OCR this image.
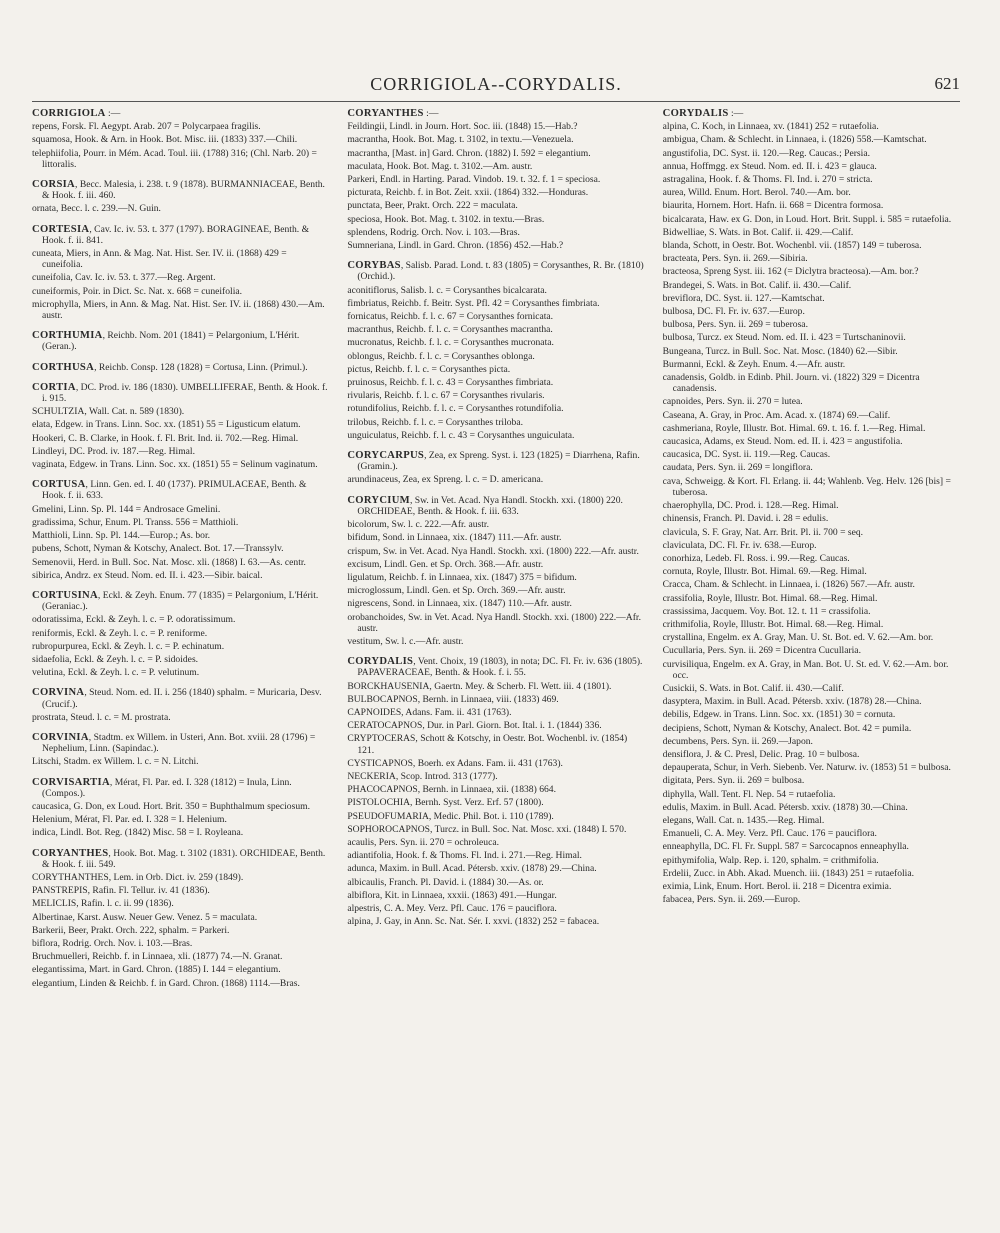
CORRIGIOLA--CORYDALIS.	621
CORRIGIOLA :—
repens, Forsk. Fl. Aegypt. Arab. 207 = Polycarpaea fragilis.
squamosa, Hook. & Arn. in Hook. Bot. Misc. iii. (1833) 337.—Chili.
telephiifolia, Pourr. in Mém. Acad. Toul. iii. (1788) 316; (Chl. Narb. 20) = littoralis.
CORSIA, Becc. Malesia, i. 238. t. 9 (1878). BURMANNIACEAE, Benth. & Hook. f. iii. 460.
ornata, Becc. l. c. 239.—N. Guin.
CORTESIA, Cav. Ic. iv. 53. t. 377 (1797). BORAGINEAE, Benth. & Hook. f. ii. 841.
cuneata, Miers, in Ann. & Mag. Nat. Hist. Ser. IV. ii. (1868) 429 = cuneifolia.
cuneifolia, Cav. Ic. iv. 53. t. 377.—Reg. Argent.
cuneiformis, Poir. in Dict. Sc. Nat. x. 668 = cuneifolia.
microphylla, Miers, in Ann. & Mag. Nat. Hist. Ser. IV. ii. (1868) 430.—Am. austr.
CORTHUMIA, Reichb. Nom. 201 (1841) = Pelargonium, L'Hérit. (Geran.).
CORTHUSA, Reichb. Consp. 128 (1828) = Cortusa, Linn. (Primul.).
CORTIA, DC. Prod. iv. 186 (1830). UMBELLIFERAE, Benth. & Hook. f. i. 915.
SCHULTZIA, Wall. Cat. n. 589 (1830).
elata, Edgew. in Trans. Linn. Soc. xx. (1851) 55 = Ligusticum elatum.
Hookeri, C. B. Clarke, in Hook. f. Fl. Brit. Ind. ii. 702.—Reg. Himal.
Lindleyi, DC. Prod. iv. 187.—Reg. Himal.
vaginata, Edgew. in Trans. Linn. Soc. xx. (1851) 55 = Selinum vaginatum.
CORTUSA, Linn. Gen. ed. I. 40 (1737). PRIMULACEAE, Benth. & Hook. f. ii. 633.
Gmelini, Linn. Sp. Pl. 144 = Androsace Gmelini.
gradissima, Schur, Enum. Pl. Transs. 556 = Matthioli.
Matthioli, Linn. Sp. Pl. 144.—Europ.; As. bor.
pubens, Schott, Nyman & Kotschy, Analect. Bot. 17.—Transsylv.
Semenovii, Herd. in Bull. Soc. Nat. Mosc. xli. (1868) I. 63.—As. centr.
sibirica, Andrz. ex Steud. Nom. ed. II. i. 423.—Sibir. baical.
CORTUSINA, Eckl. & Zeyh. Enum. 77 (1835) = Pelargonium, L'Hérit. (Geraniac.).
odoratissima, Eckl. & Zeyh. l. c. = P. odoratissimum.
reniformis, Eckl. & Zeyh. l. c. = P. reniforme.
rubropurpurea, Eckl. & Zeyh. l. c. = P. echinatum.
sidaefolia, Eckl. & Zeyh. l. c. = P. sidoides.
velutina, Eckl. & Zeyh. l. c. = P. velutinum.
CORVINA, Steud. Nom. ed. II. i. 256 (1840) sphalm. = Muricaria, Desv. (Crucif.).
prostrata, Steud. l. c. = M. prostrata.
CORVINIA, Stadtm. ex Willem. in Usteri, Ann. Bot. xviii. 28 (1796) = Nephelium, Linn. (Sapindac.).
Litschi, Stadm. ex Willem. l. c. = N. Litchi.
CORVISARTIA, Mérat, Fl. Par. ed. I. 328 (1812) = Inula, Linn. (Compos.).
caucasica, G. Don, ex Loud. Hort. Brit. 350 = Buphthalmum speciosum.
Helenium, Mérat, Fl. Par. ed. I. 328 = I. Helenium.
indica, Lindl. Bot. Reg. (1842) Misc. 58 = I. Royleana.
CORYANTHES, Hook. Bot. Mag. t. 3102 (1831). ORCHIDEAE, Benth. & Hook. f. iii. 549.
CORYTHANTHES, Lem. in Orb. Dict. iv. 259 (1849).
PANSTREPIS, Rafin. Fl. Tellur. iv. 41 (1836).
MELICLIS, Rafin. l. c. ii. 99 (1836).
Albertinae, Karst. Ausw. Neuer Gew. Venez. 5 = maculata.
Barkerii, Beer, Prakt. Orch. 222, sphalm. = Parkeri.
biflora, Rodrig. Orch. Nov. i. 103.—Bras.
Bruchmuelleri, Reichb. f. in Linnaea, xli. (1877) 74.—N. Granat.
elegantissima, Mart. in Gard. Chron. (1885) I. 144 = elegantium.
elegantium, Linden & Reichb. f. in Gard. Chron. (1868) 1114.—Bras.
CORYANTHES :—
Feildingii, Lindl. in Journ. Hort. Soc. iii. (1848) 15.—Hab.?
macrantha, Hook. Bot. Mag. t. 3102, in textu.—Venezuela.
macrantha, [Mast. in] Gard. Chron. (1882) I. 592 = elegantium.
maculata, Hook. Bot. Mag. t. 3102.—Am. austr.
Parkeri, Endl. in Harting. Parad. Vindob. 19. t. 32. f. 1 = speciosa.
picturata, Reichb. f. in Bot. Zeit. xxii. (1864) 332.—Honduras.
punctata, Beer, Prakt. Orch. 222 = maculata.
speciosa, Hook. Bot. Mag. t. 3102. in textu.—Bras.
splendens, Rodrig. Orch. Nov. i. 103.—Bras.
Sumneriana, Lindl. in Gard. Chron. (1856) 452.—Hab.?
CORYBAS, Salisb. Parad. Lond. t. 83 (1805) = Corysanthes, R. Br. (1810) (Orchid.).
aconitiflorus, Salisb. l. c. = Corysanthes bicalcarata.
fimbriatus, Reichb. f. Beitr. Syst. Pfl. 42 = Corysanthes fimbriata.
fornicatus, Reichb. f. l. c. 67 = Corysanthes fornicata.
macranthus, Reichb. f. l. c. = Corysanthes macrantha.
mucronatus, Reichb. f. l. c. = Corysanthes mucronata.
oblongus, Reichb. f. l. c. = Corysanthes oblonga.
pictus, Reichb. f. l. c. = Corysanthes picta.
pruinosus, Reichb. f. l. c. 43 = Corysanthes fimbriata.
rivularis, Reichb. f. l. c. 67 = Corysanthes rivularis.
rotundifolius, Reichb. f. l. c. = Corysanthes rotundifolia.
trilobus, Reichb. f. l. c. = Corysanthes triloba.
unguiculatus, Reichb. f. l. c. 43 = Corysanthes unguiculata.
CORYCARPUS, Zea, ex Spreng. Syst. i. 123 (1825) = Diarrhena, Rafin. (Gramin.).
arundinaceus, Zea, ex Spreng. l. c. = D. americana.
CORYCIUM, Sw. in Vet. Acad. Nya Handl. Stockh. xxi. (1800) 220. ORCHIDEAE, Benth. & Hook. f. iii. 633.
bicolorum, Sw. l. c. 222.—Afr. austr.
bifidum, Sond. in Linnaea, xix. (1847) 111.—Afr. austr.
crispum, Sw. in Vet. Acad. Nya Handl. Stockh. xxi. (1800) 222.—Afr. austr.
excisum, Lindl. Gen. et Sp. Orch. 368.—Afr. austr.
ligulatum, Reichb. f. in Linnaea, xix. (1847) 375 = bifidum.
microglossum, Lindl. Gen. et Sp. Orch. 369.—Afr. austr.
nigrescens, Sond. in Linnaea, xix. (1847) 110.—Afr. austr.
orobanchoides, Sw. in Vet. Acad. Nya Handl. Stockh. xxi. (1800) 222.—Afr. austr.
vestitum, Sw. l. c.—Afr. austr.
CORYDALIS, Vent. Choix, 19 (1803), in nota; DC. Fl. Fr. iv. 636 (1805). PAPAVERACEAE, Benth. & Hook. f. i. 55.
BORCKHAUSENIA, Gaertn. Mey. & Scherb. Fl. Wett. iii. 4 (1801).
BULBOCAPNOS, Bernh. in Linnaea, viii. (1833) 469.
CAPNOIDES, Adans. Fam. ii. 431 (1763).
CERATOCAPNOS, Dur. in Parl. Giorn. Bot. Ital. i. 1. (1844) 336.
CRYPTOCERAS, Schott & Kotschy, in Oestr. Bot. Wochenbl. iv. (1854) 121.
CYSTICAPNOS, Boerh. ex Adans. Fam. ii. 431 (1763).
NECKERIA, Scop. Introd. 313 (1777).
PHACOCAPNOS, Bernh. in Linnaea, xii. (1838) 664.
PISTOLOCHIA, Bernh. Syst. Verz. Erf. 57 (1800).
PSEUDOFUMARIA, Medic. Phil. Bot. i. 110 (1789).
SOPHOROCAPNOS, Turcz. in Bull. Soc. Nat. Mosc. xxi. (1848) I. 570.
acaulis, Pers. Syn. ii. 270 = ochroleuca.
adiantifolia, Hook. f. & Thoms. Fl. Ind. i. 271.—Reg. Himal.
adunca, Maxim. in Bull. Acad. Pétersb. xxiv. (1878) 29.—China.
albicaulis, Franch. Pl. David. i. (1884) 30.—As. or.
albiflora, Kit. in Linnaea, xxxii. (1863) 491.—Hungar.
alpestris, C. A. Mey. Verz. Pfl. Cauc. 176 = pauciflora.
alpina, J. Gay, in Ann. Sc. Nat. Sér. I. xxvi. (1832) 252 = fabacea.
CORYDALIS :—
alpina, C. Koch, in Linnaea, xv. (1841) 252 = rutaefolia.
ambigua, Cham. & Schlecht. in Linnaea, i. (1826) 558.—Kamtschat.
angustifolia, DC. Syst. ii. 120.—Reg. Caucas.; Persia.
annua, Hoffmgg. ex Steud. Nom. ed. II. i. 423 = glauca.
astragalina, Hook. f. & Thoms. Fl. Ind. i. 270 = stricta.
aurea, Willd. Enum. Hort. Berol. 740.—Am. bor.
biaurita, Hornem. Hort. Hafn. ii. 668 = Dicentra formosa.
bicalcarata, Haw. ex G. Don, in Loud. Hort. Brit. Suppl. i. 585 = rutaefolia.
Bidwelliae, S. Wats. in Bot. Calif. ii. 429.—Calif.
blanda, Schott, in Oestr. Bot. Wochenbl. vii. (1857) 149 = tuberosa.
bracteata, Pers. Syn. ii. 269.—Sibiria.
bracteosa, Spreng Syst. iii. 162 (= Diclytra bracteosa).—Am. bor.?
Brandegei, S. Wats. in Bot. Calif. ii. 430.—Calif.
breviflora, DC. Syst. ii. 127.—Kamtschat.
bulbosa, DC. Fl. Fr. iv. 637.—Europ.
bulbosa, Pers. Syn. ii. 269 = tuberosa.
bulbosa, Turcz. ex Steud. Nom. ed. II. i. 423 = Turtschaninovii.
Bungeana, Turcz. in Bull. Soc. Nat. Mosc. (1840) 62.—Sibir.
Burmanni, Eckl. & Zeyh. Enum. 4.—Afr. austr.
canadensis, Goldb. in Edinb. Phil. Journ. vi. (1822) 329 = Dicentra canadensis.
capnoides, Pers. Syn. ii. 270 = lutea.
Caseana, A. Gray, in Proc. Am. Acad. x. (1874) 69.—Calif.
cashmeriana, Royle, Illustr. Bot. Himal. 69. t. 16. f. 1.—Reg. Himal.
caucasica, Adams, ex Steud. Nom. ed. II. i. 423 = angustifolia.
caucasica, DC. Syst. ii. 119.—Reg. Caucas.
caudata, Pers. Syn. ii. 269 = longiflora.
cava, Schweigg. & Kort. Fl. Erlang. ii. 44; Wahlenb. Veg. Helv. 126 [bis] = tuberosa.
chaerophylla, DC. Prod. i. 128.—Reg. Himal.
chinensis, Franch. Pl. David. i. 28 = edulis.
clavicula, S. F. Gray, Nat. Arr. Brit. Pl. ii. 700 = seq.
claviculata, DC. Fl. Fr. iv. 638.—Europ.
conorhiza, Ledeb. Fl. Ross. i. 99.—Reg. Caucas.
cornuta, Royle, Illustr. Bot. Himal. 69.—Reg. Himal.
Cracca, Cham. & Schlecht. in Linnaea, i. (1826) 567.—Afr. austr.
crassifolia, Royle, Illustr. Bot. Himal. 68.—Reg. Himal.
crassissima, Jacquem. Voy. Bot. 12. t. 11 = crassifolia.
crithmifolia, Royle, Illustr. Bot. Himal. 68.—Reg. Himal.
crystallina, Engelm. ex A. Gray, Man. U. St. Bot. ed. V. 62.—Am. bor.
Cucullaria, Pers. Syn. ii. 269 = Dicentra Cucullaria.
curvisiliqua, Engelm. ex A. Gray, in Man. Bot. U. St. ed. V. 62.—Am. bor. occ.
Cusickii, S. Wats. in Bot. Calif. ii. 430.—Calif.
dasyptera, Maxim. in Bull. Acad. Pétersb. xxiv. (1878) 28.—China.
debilis, Edgew. in Trans. Linn. Soc. xx. (1851) 30 = cornuta.
decipiens, Schott, Nyman & Kotschy, Analect. Bot. 42 = pumila.
decumbens, Pers. Syn. ii. 269.—Japon.
densiflora, J. & C. Presl, Delic. Prag. 10 = bulbosa.
depauperata, Schur, in Verh. Siebenb. Ver. Naturw. iv. (1853) 51 = bulbosa.
digitata, Pers. Syn. ii. 269 = bulbosa.
diphylla, Wall. Tent. Fl. Nep. 54 = rutaefolia.
edulis, Maxim. in Bull. Acad. Pétersb. xxiv. (1878) 30.—China.
elegans, Wall. Cat. n. 1435.—Reg. Himal.
Emanueli, C. A. Mey. Verz. Pfl. Cauc. 176 = pauciflora.
enneaphylla, DC. Fl. Fr. Suppl. 587 = Sarcocapnos enneaphylla.
epithymifolia, Walp. Rep. i. 120, sphalm. = crithmifolia.
Erdelii, Zucc. in Abh. Akad. Muench. iii. (1843) 251 = rutaefolia.
eximia, Link, Enum. Hort. Berol. ii. 218 = Dicentra eximia.
fabacea, Pers. Syn. ii. 269.—Europ.
